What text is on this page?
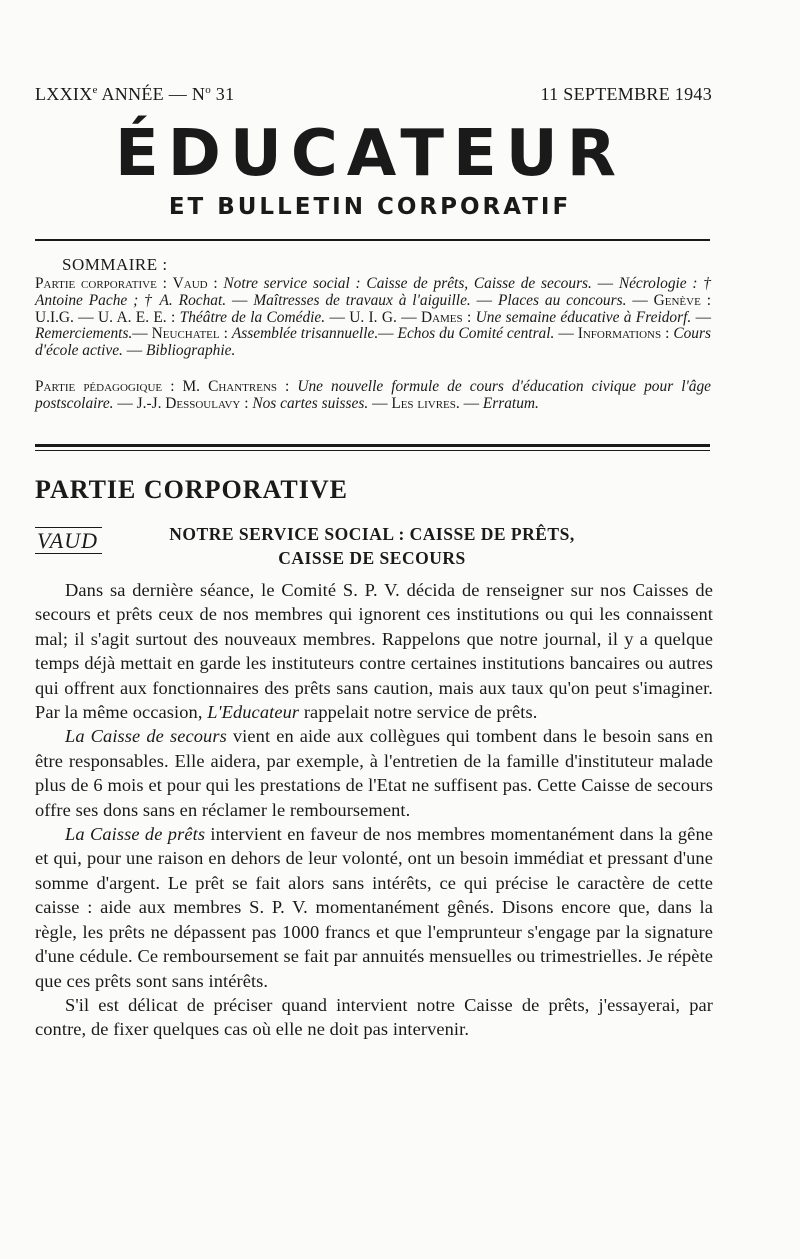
LXXIXe ANNÉE — $N^o$ 31	11 SEPTEMBRE 1943
ÉDUCATEUR
ET BULLETIN CORPORATIF
SOMMAIRE :
Partie corporative : Vaud : Notre service social : Caisse de prêts, Caisse de secours. — Nécrologie : † Antoine Pache ; † A. Rochat. — Maîtresses de travaux à l'aiguille. — Places au concours. — Genève : U.I.G. — U. A. E. E. : Théâtre de la Comédie. — U. I. G. — Dames : Une semaine éducative à Freidorf. — Remerciements.— Neuchatel : Assemblée trisannuelle.— Echos du Comité central. — Informations : Cours d'école active. — Bibliographie.
Partie pédagogique : M. Chantrens : Une nouvelle formule de cours d'éducation civique pour l'âge postscolaire. — J.-J. Dessoulavy : Nos cartes suisses. — Les livres. — Erratum.
PARTIE CORPORATIVE
VAUD	NOTRE SERVICE SOCIAL : CAISSE DE PRÊTS,
CAISSE DE SECOURS

Dans sa dernière séance, le Comité S. P. V. décida de renseigner sur nos Caisses de secours et prêts ceux de nos membres qui ignorent ces institutions ou qui les connaissent mal; il s'agit surtout des nouveaux membres. Rappelons que notre journal, il y a quelque temps déjà mettait en garde les instituteurs contre certaines institutions bancaires ou autres qui offrent aux fonctionnaires des prêts sans caution, mais aux taux qu'on peut s'imaginer. Par la même occasion, L'Educateur rappelait notre service de prêts.

La Caisse de secours vient en aide aux collègues qui tombent dans le besoin sans en être responsables. Elle aidera, par exemple, à l'entretien de la famille d'instituteur malade plus de 6 mois et pour qui les prestations de l'Etat ne suffisent pas. Cette Caisse de secours offre ses dons sans en réclamer le remboursement.

La Caisse de prêts intervient en faveur de nos membres momentanément dans la gêne et qui, pour une raison en dehors de leur volonté, ont un besoin immédiat et pressant d'une somme d'argent. Le prêt se fait alors sans intérêts, ce qui précise le caractère de cette caisse : aide aux membres S. P. V. momentanément gênés. Disons encore que, dans la règle, les prêts ne dépassent pas 1000 francs et que l'emprunteur s'engage par la signature d'une cédule. Ce remboursement se fait par annuités mensuelles ou trimestrielles. Je répète que ces prêts sont sans intérêts.

S'il est délicat de préciser quand intervient notre Caisse de prêts, j'essayerai, par contre, de fixer quelques cas où elle ne doit pas intervenir.
